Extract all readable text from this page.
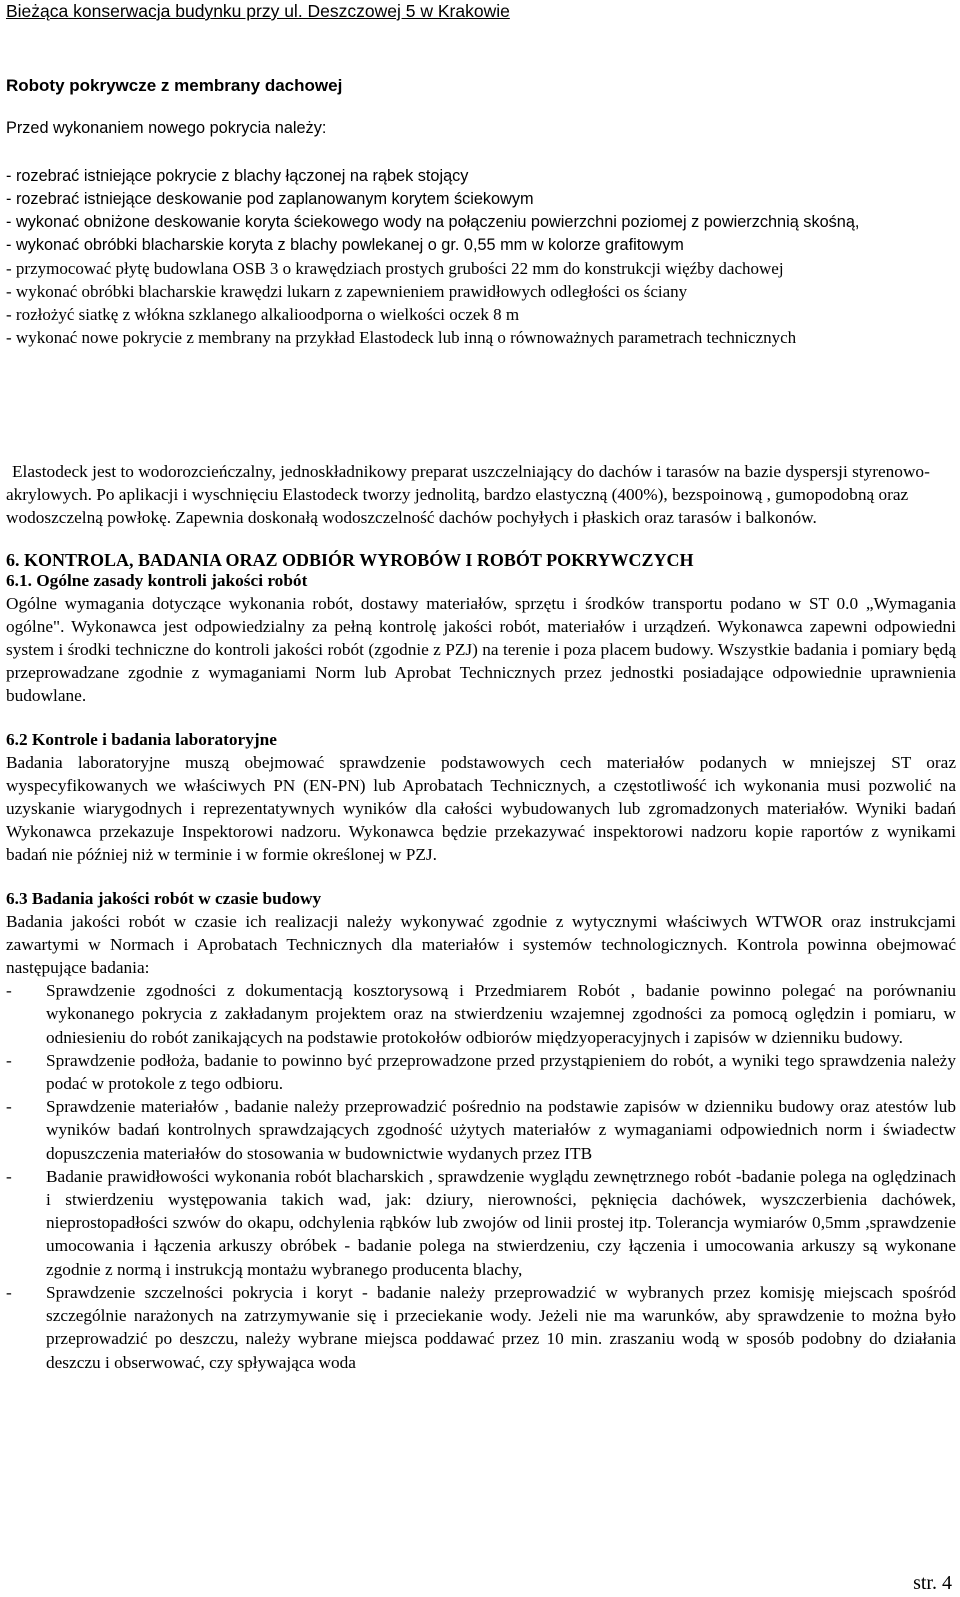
Bieżąca konserwacja budynku przy ul. Deszczowej 5 w Krakowie

Roboty pokrywcze z membrany dachowej

Przed wykonaniem nowego pokrycia należy:

- rozebrać istniejące pokrycie z blachy łączonej na rąbek stojący

- rozebrać istniejące deskowanie pod zaplanowanym korytem ściekowym

- wykonać obniżone deskowanie koryta ściekowego wody na połączeniu powierzchni poziomej z powierzchnią skośną,

- wykonać obróbki blacharskie koryta z blachy powlekanej o gr. 0,55 mm w kolorze grafitowym

- przymocować płytę budowlana OSB 3 o krawędziach prostych grubości 22 mm do konstrukcji więźby dachowej

- wykonać obróbki blacharskie krawędzi lukarn z zapewnieniem prawidłowych odległości os ściany

- rozłożyć siatkę z włókna szklanego alkalioodporna o wielkości oczek 8 m

- wykonać nowe pokrycie z membrany na przykład Elastodeck lub inną o równoważnych parametrach technicznych

Elastodeck jest to wodorozcieńczalny, jednoskładnikowy preparat uszczelniający do dachów i tarasów na bazie dyspersji styrenowo-akrylowych. Po aplikacji i wyschnięciu Elastodeck tworzy jednolitą, bardzo elastyczną (400%), bezspoinową , gumopodobną oraz wodoszczelną powłokę. Zapewnia doskonałą wodoszczelność dachów pochyłych i płaskich oraz tarasów i balkonów.

6. KONTROLA, BADANIA ORAZ ODBIÓR WYROBÓW I ROBÓT POKRYWCZYCH

6.1. Ogólne zasady kontroli jakości robót

Ogólne wymagania dotyczące wykonania robót, dostawy materiałów, sprzętu i środków transportu podano w ST 0.0 „Wymagania ogólne". Wykonawca jest odpowiedzialny za pełną kontrolę jakości robót, materiałów i urządzeń. Wykonawca zapewni odpowiedni system i środki techniczne do kontroli jakości robót (zgodnie z PZJ) na terenie i poza placem budowy. Wszystkie badania i pomiary będą przeprowadzane zgodnie z wymaganiami Norm lub Aprobat Technicznych przez jednostki posiadające odpowiednie uprawnienia budowlane.

6.2 Kontrole i badania laboratoryjne

Badania laboratoryjne muszą obejmować sprawdzenie podstawowych cech materiałów podanych w mniejszej ST oraz wyspecyfikowanych we właściwych PN (EN-PN) lub Aprobatach Technicznych, a częstotliwość ich wykonania musi pozwolić na uzyskanie wiarygodnych i reprezentatywnych wyników dla całości wybudowanych lub zgromadzonych materiałów. Wyniki badań Wykonawca przekazuje Inspektorowi nadzoru. Wykonawca będzie przekazywać inspektorowi nadzoru kopie raportów z wynikami badań nie później niż w terminie i w formie określonej w PZJ.

6.3 Badania jakości robót w czasie budowy

Badania jakości robót w czasie ich realizacji należy wykonywać zgodnie z wytycznymi właściwych WTWOR oraz instrukcjami zawartymi w Normach i Aprobatach Technicznych dla materiałów i systemów technologicznych. Kontrola powinna obejmować następujące badania:

- Sprawdzenie zgodności z dokumentacją kosztorysową i Przedmiarem Robót , badanie powinno polegać na porównaniu wykonanego pokrycia z zakładanym projektem oraz na stwierdzeniu wzajemnej zgodności za pomocą oględzin i pomiaru, w odniesieniu do robót zanikających na podstawie protokołów odbiorów międzyoperacyjnych i zapisów w dzienniku budowy.
- Sprawdzenie podłoża, badanie to powinno być przeprowadzone przed przystąpieniem do robót, a wyniki tego sprawdzenia należy podać w protokole z tego odbioru.
- Sprawdzenie materiałów , badanie należy przeprowadzić pośrednio na podstawie zapisów w dzienniku budowy oraz atestów lub wyników badań kontrolnych sprawdzających zgodność użytych materiałów z wymaganiami odpowiednich norm i świadectw dopuszczenia materiałów do stosowania w budownictwie wydanych przez ITB
- Badanie prawidłowości wykonania robót blacharskich , sprawdzenie wyglądu zewnętrznego robót -badanie polega na oględzinach i stwierdzeniu występowania takich wad, jak: dziury, nierowności, pęknięcia dachówek, wyszczerbienia dachówek, nieprostopadłości szwów do okapu, odchylenia rąbków lub zwojów od linii prostej itp. Tolerancja wymiarów 0,5mm ,sprawdzenie umocowania i łączenia arkuszy obróbek - badanie polega na stwierdzeniu, czy łączenia i umocowania arkuszy są wykonane zgodnie z normą i instrukcją montażu wybranego producenta blachy,
- Sprawdzenie szczelności pokrycia i koryt - badanie należy przeprowadzić w wybranych przez komisję miejscach spośród szczególnie narażonych na zatrzymywanie się i przeciekanie wody. Jeżeli nie ma warunków, aby sprawdzenie to można było przeprowadzić po deszczu, należy wybrane miejsca poddawać przez 10 min. zraszaniu wodą w sposób podobny do działania deszczu i obserwować, czy spływająca woda
str. 4
